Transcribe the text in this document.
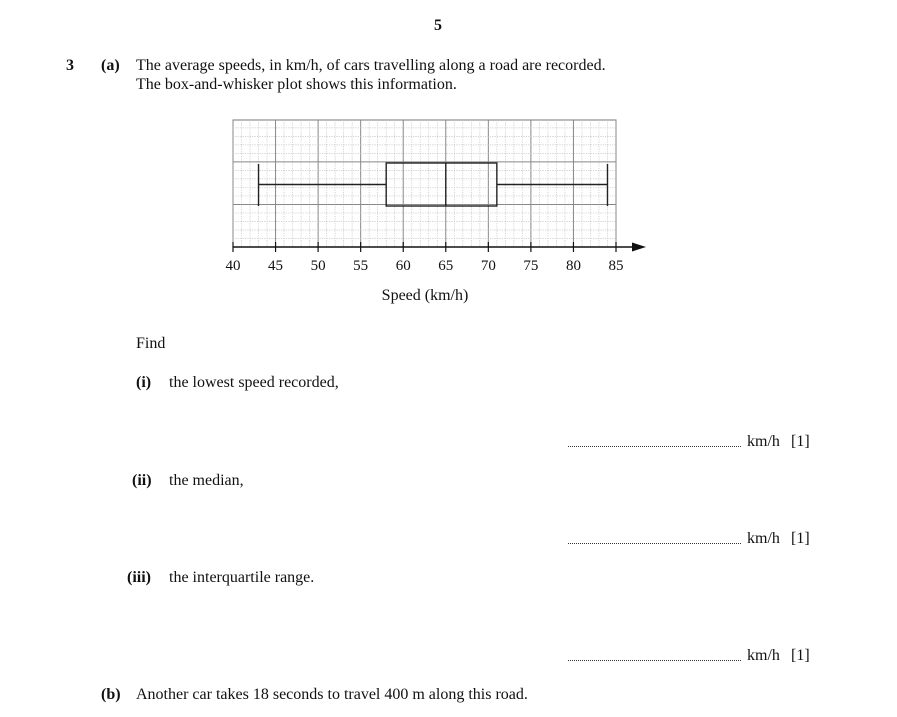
5
3 (a) The average speeds, in km/h, of cars travelling along a road are recorded.
The box-and-whisker plot shows this information.
40 45 50 55 60 65 70 75 80 85
Speed (km/h)
Find
(i) the lowest speed recorded,
km/h [1]
(ii) the median,
km/h [1]
(iii) the interquartile range.
km/h [1]
(b) Another car takes 18 seconds to travel 400 m along this road.
